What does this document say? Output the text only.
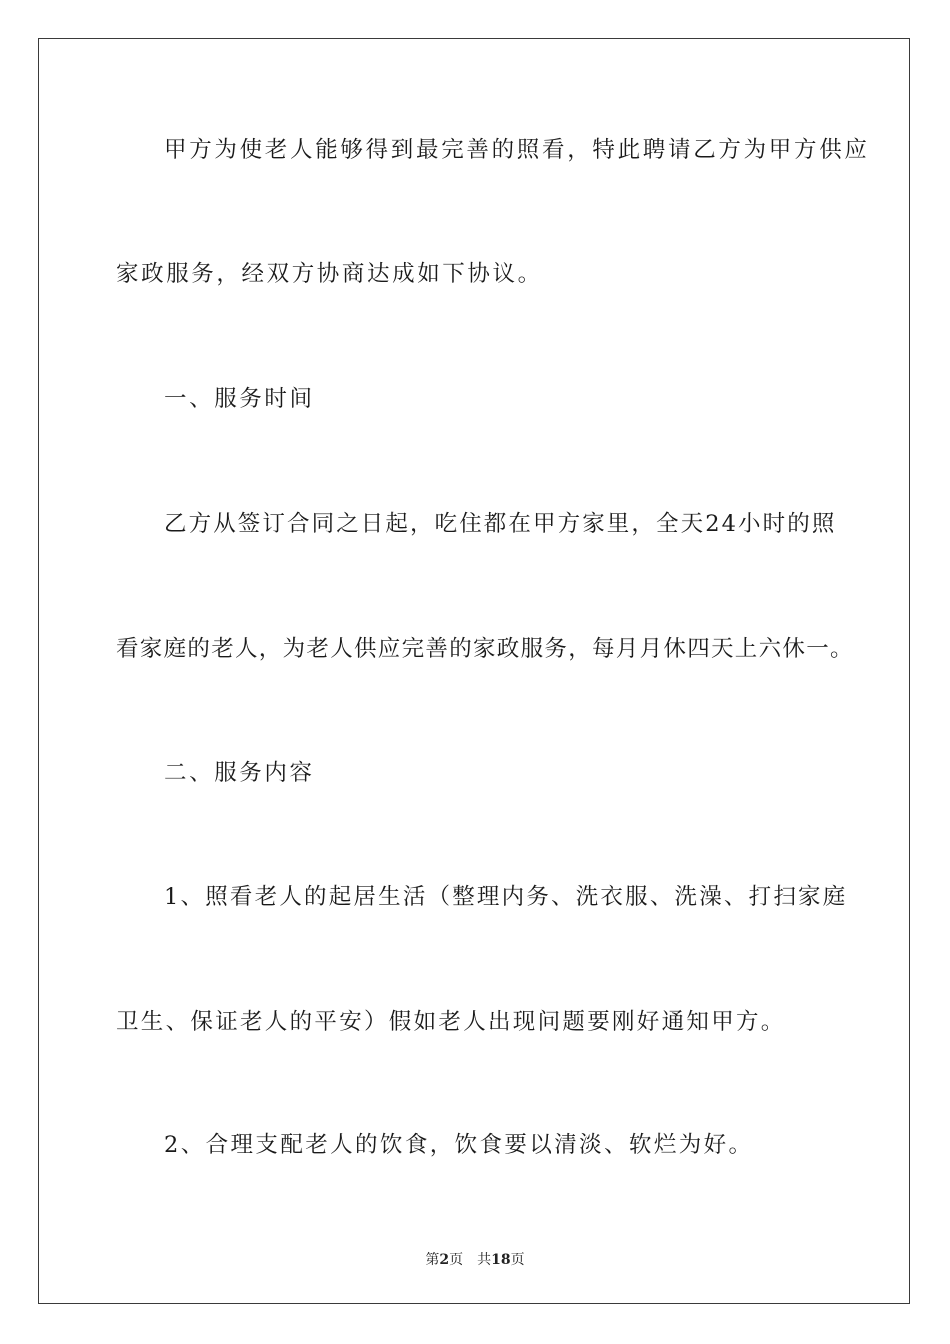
甲方为使老人能够得到最完善的照看，特此聘请乙方为甲方供应
家政服务，经双方协商达成如下协议。
一、服务时间
乙方从签订合同之日起，吃住都在甲方家里，全天24小时的照
看家庭的老人，为老人供应完善的家政服务，每月月休四天上六休一。
二、服务内容
1、照看老人的起居生活（整理内务、洗衣服、洗澡、打扫家庭
卫生、保证老人的平安）假如老人出现问题要刚好通知甲方。
2、合理支配老人的饮食，饮食要以清淡、软烂为好。
第2页 共18页
